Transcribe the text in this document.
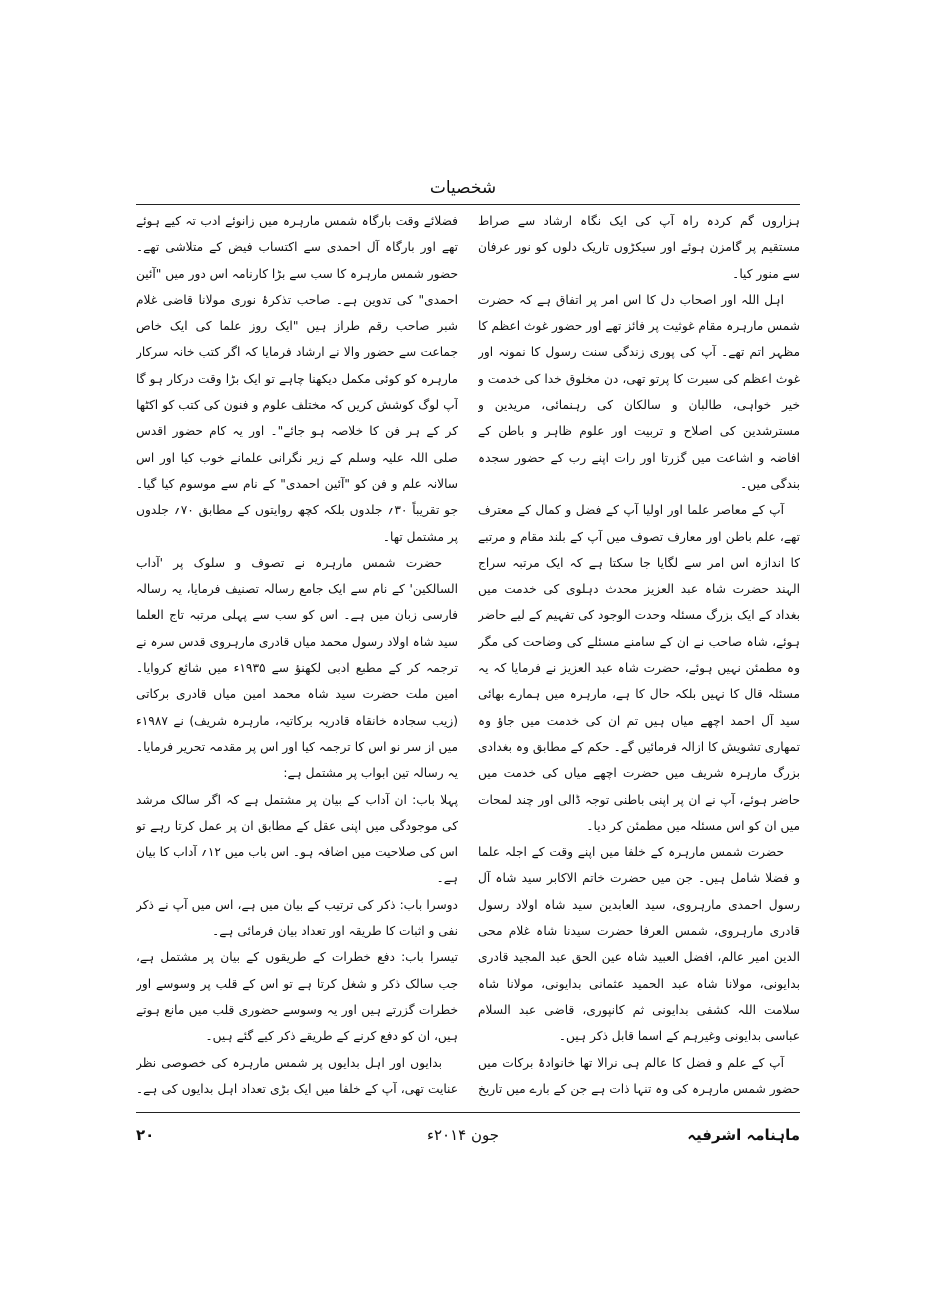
شخصیات

ہزاروں گم کردہ راہ آپ کی ایک نگاہ ارشاد سے صراط مستقیم پر گامزن ہوئے اور سیکڑوں تاریک دلوں کو نور عرفان سے منور کیا۔

اہل اللہ اور اصحاب دل کا اس امر پر اتفاق ہے کہ حضرت شمس مارہرہ مقام غوثیت پر فائز تھے اور حضور غوث اعظم کا مظہر اتم تھے۔ آپ کی پوری زندگی سنت رسول کا نمونہ اور غوث اعظم کی سیرت کا پرتو تھی، دن مخلوق خدا کی خدمت و خیر خواہی، طالبان و سالکان کی رہنمائی، مریدین و مسترشدین کی اصلاح و تربیت اور علوم ظاہر و باطن کے افاضہ و اشاعت میں گزرتا اور رات اپنے رب کے حضور سجدہ بندگی میں۔

آپ کے معاصر علما اور اولیا آپ کے فضل و کمال کے معترف تھے، علم باطن اور معارف تصوف میں آپ کے بلند مقام و مرتبے کا اندازہ اس امر سے لگایا جا سکتا ہے کہ ایک مرتبہ سراج الہند حضرت شاہ عبد العزیز محدث دہلوی کی خدمت میں بغداد کے ایک بزرگ مسئلہ وحدت الوجود کی تفہیم کے لیے حاضر ہوئے، شاہ صاحب نے ان کے سامنے مسئلے کی وضاحت کی مگر وہ مطمئن نہیں ہوئے، حضرت شاہ عبد العزیز نے فرمایا کہ یہ مسئلہ قال کا نہیں بلکہ حال کا ہے، مارہرہ میں ہمارے بھائی سید آل احمد اچھے میاں ہیں تم ان کی خدمت میں جاؤ وہ تمھاری تشویش کا ازالہ فرمائیں گے۔ حکم کے مطابق وہ بغدادی بزرگ مارہرہ شریف میں حضرت اچھے میاں کی خدمت میں حاضر ہوئے، آپ نے ان پر اپنی باطنی توجہ ڈالی اور چند لمحات میں ان کو اس مسئلہ میں مطمئن کر دیا۔

حضرت شمس مارہرہ کے خلفا میں اپنے وقت کے اجلہ علما و فضلا شامل ہیں۔ جن میں حضرت خاتم الاکابر سید شاہ آل رسول احمدی مارہروی، سید العابدین سید شاہ اولاد رسول قادری مارہروی، شمس العرفا حضرت سیدنا شاہ غلام محی الدین امیر عالم، افضل العبید شاہ عین الحق عبد المجید قادری بدایونی، مولانا شاہ عبد الحمید عثمانی بدایونی، مولانا شاہ سلامت اللہ کشفی بدایونی ثم کانپوری، قاضی عبد السلام عباسی بدایونی وغیرہم کے اسما قابل ذکر ہیں۔

آپ کے علم و فضل کا عالم ہی نرالا تھا خانوادۂ برکات میں حضور شمس مارہرہ کی وہ تنہا ذات ہے جن کے بارے میں تاریخ

فضلائے وقت بارگاہ شمس مارہرہ میں زانوئے ادب تہ کیے ہوئے تھے اور بارگاہ آل احمدی سے اکتساب فیض کے متلاشی تھے۔ حضور شمس مارہرہ کا سب سے بڑا کارنامہ اس دور میں "آئین احمدی" کی تدوین ہے۔ صاحب تذکرۂ نوری مولانا قاضی غلام شبر صاحب رقم طراز ہیں "ایک روز علما کی ایک خاص جماعت سے حضور والا نے ارشاد فرمایا کہ اگر کتب خانہ سرکار مارہرہ کو کوئی مکمل دیکھنا چاہے تو ایک بڑا وقت درکار ہو گا آپ لوگ کوشش کریں کہ مختلف علوم و فنون کی کتب کو اکٹھا کر کے ہر فن کا خلاصہ ہو جائے"۔ اور یہ کام حضور اقدس صلی اللہ علیہ وسلم کے زیر نگرانی علمانے خوب کیا اور اس سالانہ علم و فن کو "آئین احمدی" کے نام سے موسوم کیا گیا۔ جو تقریباً ۳۰؍ جلدوں بلکہ کچھ روایتوں کے مطابق ۷۰؍ جلدوں پر مشتمل تھا۔

حضرت شمس مارہرہ نے تصوف و سلوک پر 'آداب السالکین' کے نام سے ایک جامع رسالہ تصنیف فرمایا، یہ رسالہ فارسی زبان میں ہے۔ اس کو سب سے پہلی مرتبہ تاج العلما سید شاہ اولاد رسول محمد میاں قادری مارہروی قدس سرہ نے ترجمہ کر کے مطبع ادبی لکھنؤ سے ۱۹۳۵ء میں شائع کروایا۔ امین ملت حضرت سید شاہ محمد امین میاں قادری برکاتی (زیب سجادہ خانقاہ قادریہ برکاتیہ، مارہرہ شریف) نے ۱۹۸۷ء میں از سر نو اس کا ترجمہ کیا اور اس پر مقدمہ تحریر فرمایا۔ یہ رسالہ تین ابواب پر مشتمل ہے:

پہلا باب: ان آداب کے بیان پر مشتمل ہے کہ اگر سالک مرشد کی موجودگی میں اپنی عقل کے مطابق ان پر عمل کرتا رہے تو اس کی صلاحیت میں اضافہ ہو۔ اس باب میں ۱۲؍ آداب کا بیان ہے۔

دوسرا باب: ذکر کی ترتیب کے بیان میں ہے، اس میں آپ نے ذکر نفی و اثبات کا طریقہ اور تعداد بیان فرمائی ہے۔

تیسرا باب: دفع خطرات کے طریقوں کے بیان پر مشتمل ہے، جب سالک ذکر و شغل کرتا ہے تو اس کے قلب پر وسوسے اور خطرات گزرتے ہیں اور یہ وسوسے حضوری قلب میں مانع ہوتے ہیں، ان کو دفع کرنے کے طریقے ذکر کیے گئے ہیں۔

بدایوں اور اہل بدایوں پر شمس مارہرہ کی خصوصی نظر عنایت تھی، آپ کے خلفا میں ایک بڑی تعداد اہل بدایوں کی ہے۔

ماہنامہ اشرفیہ
جون ۲۰۱۴ء
۲۰
